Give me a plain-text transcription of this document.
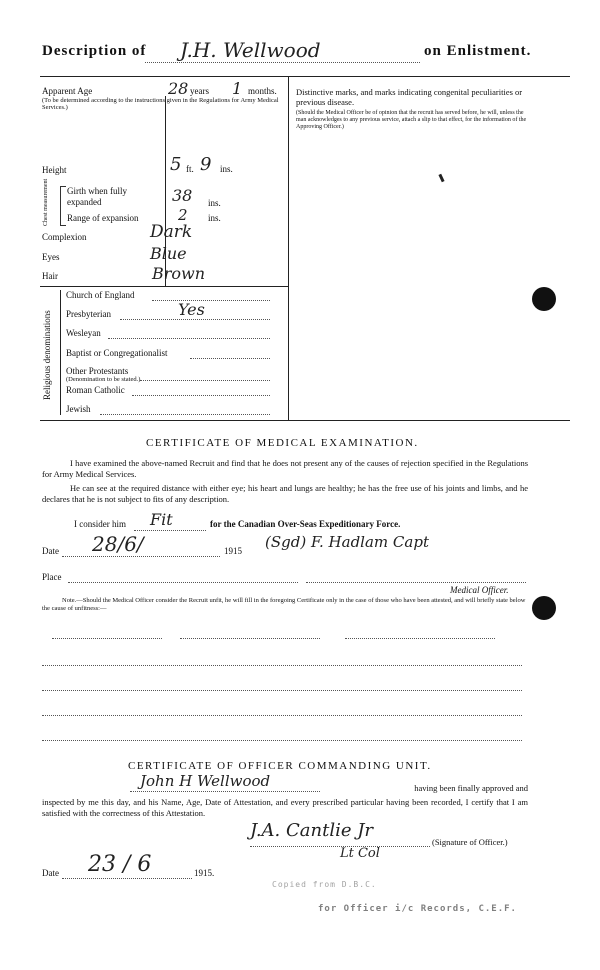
Description of J.H. Wellwood	on Enlistment.
Apparent Age	28 years 1 months.
(To be determined according to the instructions given in the Regulations for Army Medical Services.)
Height	5 ft. 9 ins.
Chest measurement Girth when fully expanded	38 ins.
Range of expansion	2 ins.
Complexion	Dark
Eyes	Blue
Hair	Brown
Religious denominations
Church of England
Presbyterian	Yes
Wesleyan
Baptist or Congregationalist
Other Protestants
(Denomination to be stated.)
Roman Catholic
Jewish
Distinctive marks, and marks indicating congenital peculiarities or previous disease.
(Should the Medical Officer be of opinion that the recruit has served before, he will, unless the man acknowledges to any previous service, attach a slip to that effect, for the information of the Approving Officer.)
CERTIFICATE OF MEDICAL EXAMINATION.
I have examined the above-named Recruit and find that he does not present any of the causes of rejection specified in the Regulations for Army Medical Services.
He can see at the required distance with either eye; his heart and lungs are healthy; he has the free use of his joints and limbs, and he declares that he is not subject to fits of any description.
I consider him Fit	for the Canadian Over-Seas Expeditionary Force.
Date 28/6/	1915 (Sgd) F. Hadlam Capt
Place
Medical Officer.
Note.—Should the Medical Officer consider the Recruit unfit, he will fill in the foregoing Certificate only in the case of those who have been attested, and will briefly state below the cause of unfitness:—
CERTIFICATE OF OFFICER COMMANDING UNIT.
John H Wellwood	having been finally approved and
inspected by me this day, and his Name, Age, Date of Attestation, and every prescribed particular having been recorded, I certify that I am satisfied with the correctness of this Attestation.
J.A. Cantlie Jr
Lt Col
(Signature of Officer.)
Date 23 / 6	1915.
Copied from D.B.C.
for Officer i/c Records, C.E.F.
